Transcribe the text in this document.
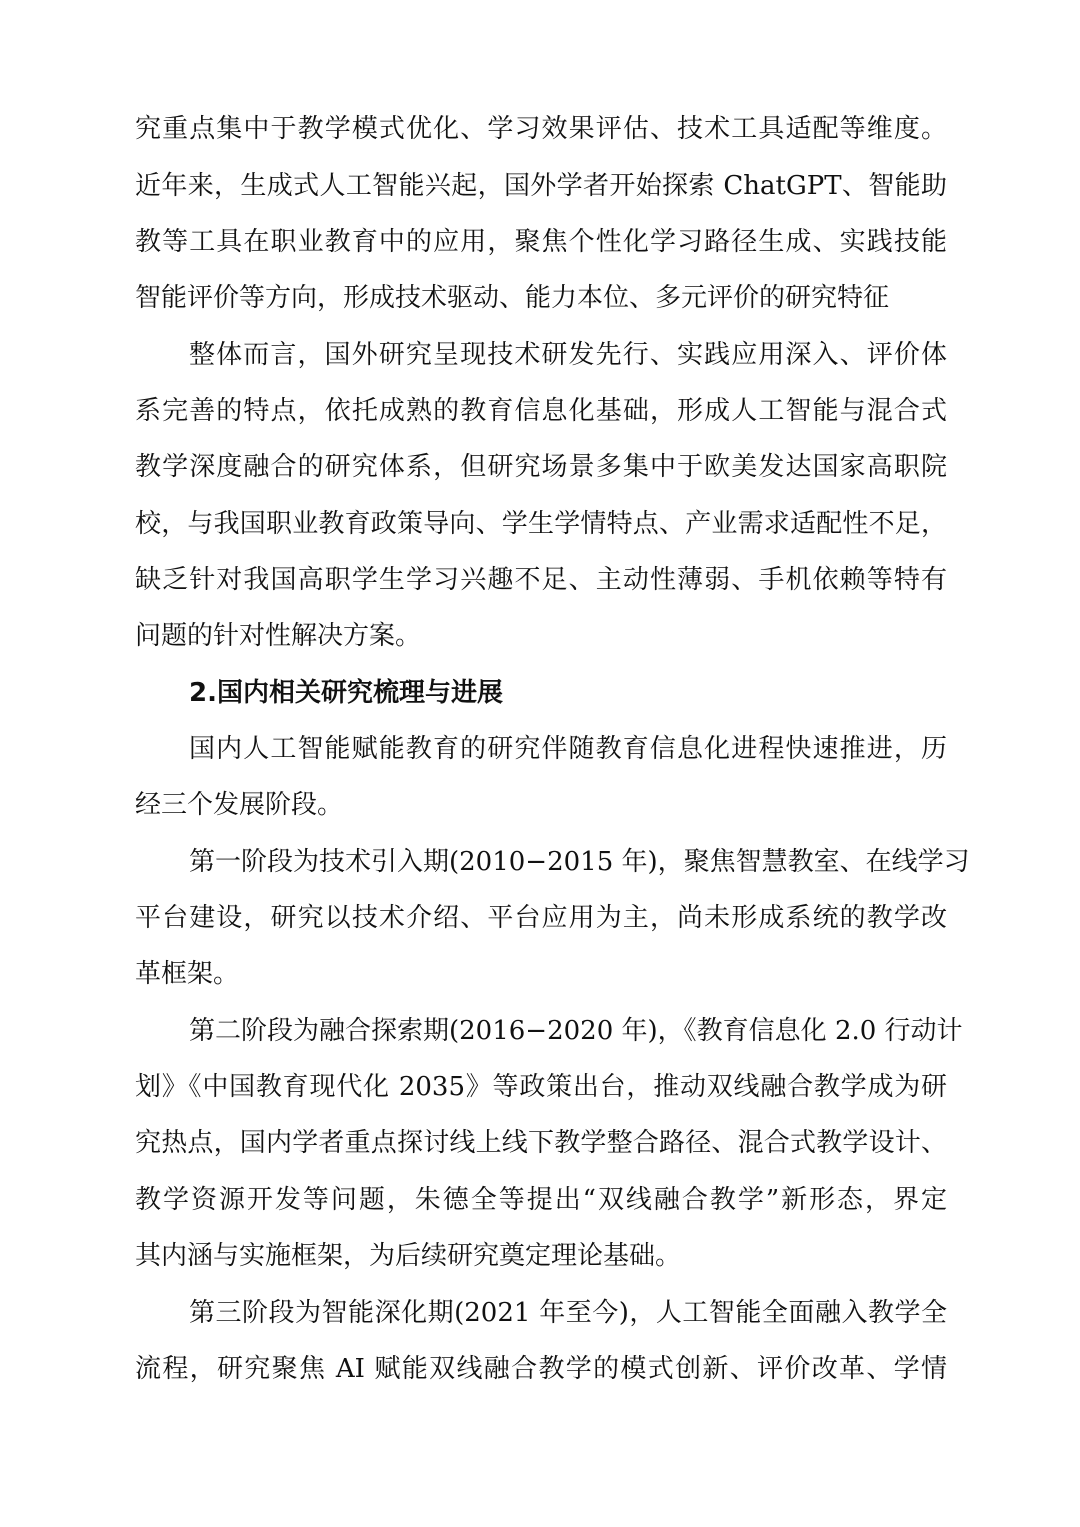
究重点集中于教学模式优化、学习效果评估、技术工具适配等维度。

近年来，生成式人工智能兴起，国外学者开始探索 ChatGPT、智能助

教等工具在职业教育中的应用，聚焦个性化学习路径生成、实践技能

智能评价等方向，形成技术驱动、能力本位、多元评价的研究特征

整体而言，国外研究呈现技术研发先行、实践应用深入、评价体

系完善的特点，依托成熟的教育信息化基础，形成人工智能与混合式

教学深度融合的研究体系，但研究场景多集中于欧美发达国家高职院

校，与我国职业教育政策导向、学生学情特点、产业需求适配性不足，

缺乏针对我国高职学生学习兴趣不足、主动性薄弱、手机依赖等特有

问题的针对性解决方案。

2.国内相关研究梳理与进展

国内人工智能赋能教育的研究伴随教育信息化进程快速推进，历

经三个发展阶段。

第一阶段为技术引入期(2010−2015 年)，聚焦智慧教室、在线学习

平台建设，研究以技术介绍、平台应用为主，尚未形成系统的教学改

革框架。

第二阶段为融合探索期(2016−2020 年)，《教育信息化 2.0 行动计

划》《中国教育现代化 2035》等政策出台，推动双线融合教学成为研

究热点，国内学者重点探讨线上线下教学整合路径、混合式教学设计、

教学资源开发等问题，朱德全等提出“双线融合教学”新形态，界定

其内涵与实施框架，为后续研究奠定理论基础。

第三阶段为智能深化期(2021 年至今)，人工智能全面融入教学全

流程，研究聚焦 AI 赋能双线融合教学的模式创新、评价改革、学情
